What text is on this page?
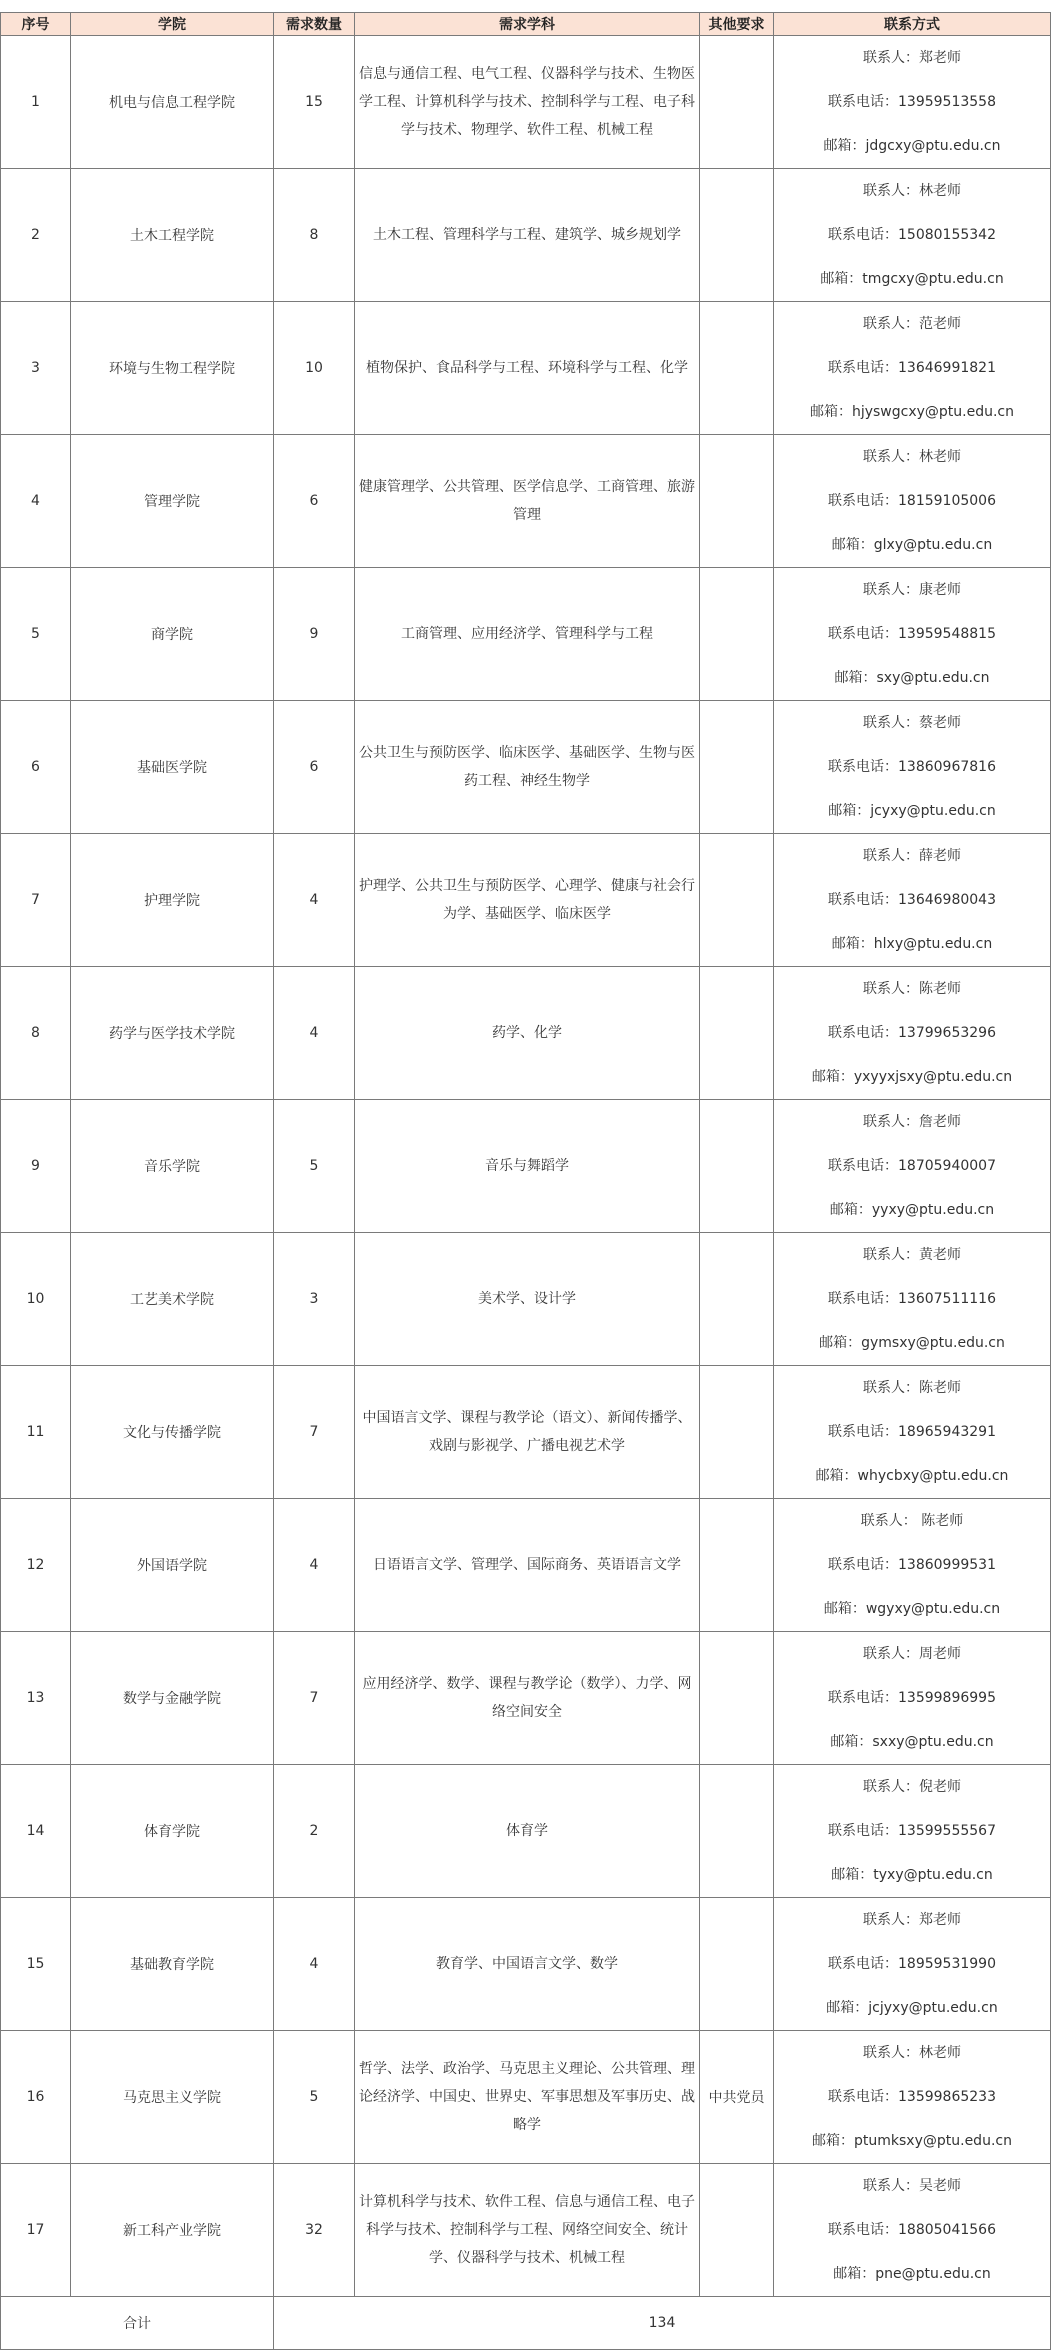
序号	学院	需求数量	需求学科	其他要求	联系方式
1	机电与信息工程学院	15	信息与通信工程、电气工程、仪器科学与技术、生物医学工程、计算机科学与技术、控制科学与工程、电子科学与技术、物理学、软件工程、机械工程		联系人：郑老师
联系电话：13959513558
邮箱：jdgcxy@ptu.edu.cn

2	土木工程学院	8	土木工程、管理科学与工程、建筑学、城乡规划学		联系人：林老师
联系电话：15080155342
邮箱：tmgcxy@ptu.edu.cn

3	环境与生物工程学院	10	植物保护、食品科学与工程、环境科学与工程、化学		联系人：范老师
联系电话：13646991821
邮箱：hjyswgcxy@ptu.edu.cn

4	管理学院	6	健康管理学、公共管理、医学信息学、工商管理、旅游管理		联系人：林老师
联系电话：18159105006
邮箱：glxy@ptu.edu.cn

5	商学院	9	工商管理、应用经济学、管理科学与工程		联系人：康老师
联系电话：13959548815
邮箱：sxy@ptu.edu.cn

6	基础医学院	6	公共卫生与预防医学、临床医学、基础医学、生物与医药工程、神经生物学		联系人：蔡老师
联系电话：13860967816
邮箱：jcyxy@ptu.edu.cn

7	护理学院	4	护理学、公共卫生与预防医学、心理学、健康与社会行为学、基础医学、临床医学		联系人：薛老师
联系电话：13646980043
邮箱：hlxy@ptu.edu.cn

8	药学与医学技术学院	4	药学、化学		联系人：陈老师
联系电话：13799653296
邮箱：yxyyxjsxy@ptu.edu.cn

9	音乐学院	5	音乐与舞蹈学		联系人：詹老师
联系电话：18705940007
邮箱：yyxy@ptu.edu.cn

10	工艺美术学院	3	美术学、设计学		联系人：黄老师
联系电话：13607511116
邮箱：gymsxy@ptu.edu.cn

11	文化与传播学院	7	中国语言文学、课程与教学论（语文）、新闻传播学、戏剧与影视学、广播电视艺术学		联系人：陈老师
联系电话：18965943291
邮箱：whycbxy@ptu.edu.cn

12	外国语学院	4	日语语言文学、管理学、国际商务、英语语言文学		联系人： 陈老师
联系电话：13860999531
邮箱：wgyxy@ptu.edu.cn

13	数学与金融学院	7	应用经济学、数学、课程与教学论（数学）、力学、网络空间安全		联系人：周老师
联系电话：13599896995
邮箱：sxxy@ptu.edu.cn

14	体育学院	2	体育学		联系人：倪老师
联系电话：13599555567
邮箱：tyxy@ptu.edu.cn

15	基础教育学院	4	教育学、中国语言文学、数学		联系人：郑老师
联系电话：18959531990
邮箱：jcjyxy@ptu.edu.cn

16	马克思主义学院	5	哲学、法学、政治学、马克思主义理论、公共管理、理论经济学、中国史、世界史、军事思想及军事历史、战略学	中共党员	联系人：林老师
联系电话：13599865233
邮箱：ptumksxy@ptu.edu.cn

17	新工科产业学院	32	计算机科学与技术、软件工程、信息与通信工程、电子科学与技术、控制科学与工程、网络空间安全、统计学、仪器科学与技术、机械工程		联系人：吴老师
联系电话：18805041566
邮箱：pne@ptu.edu.cn

合计		134			
